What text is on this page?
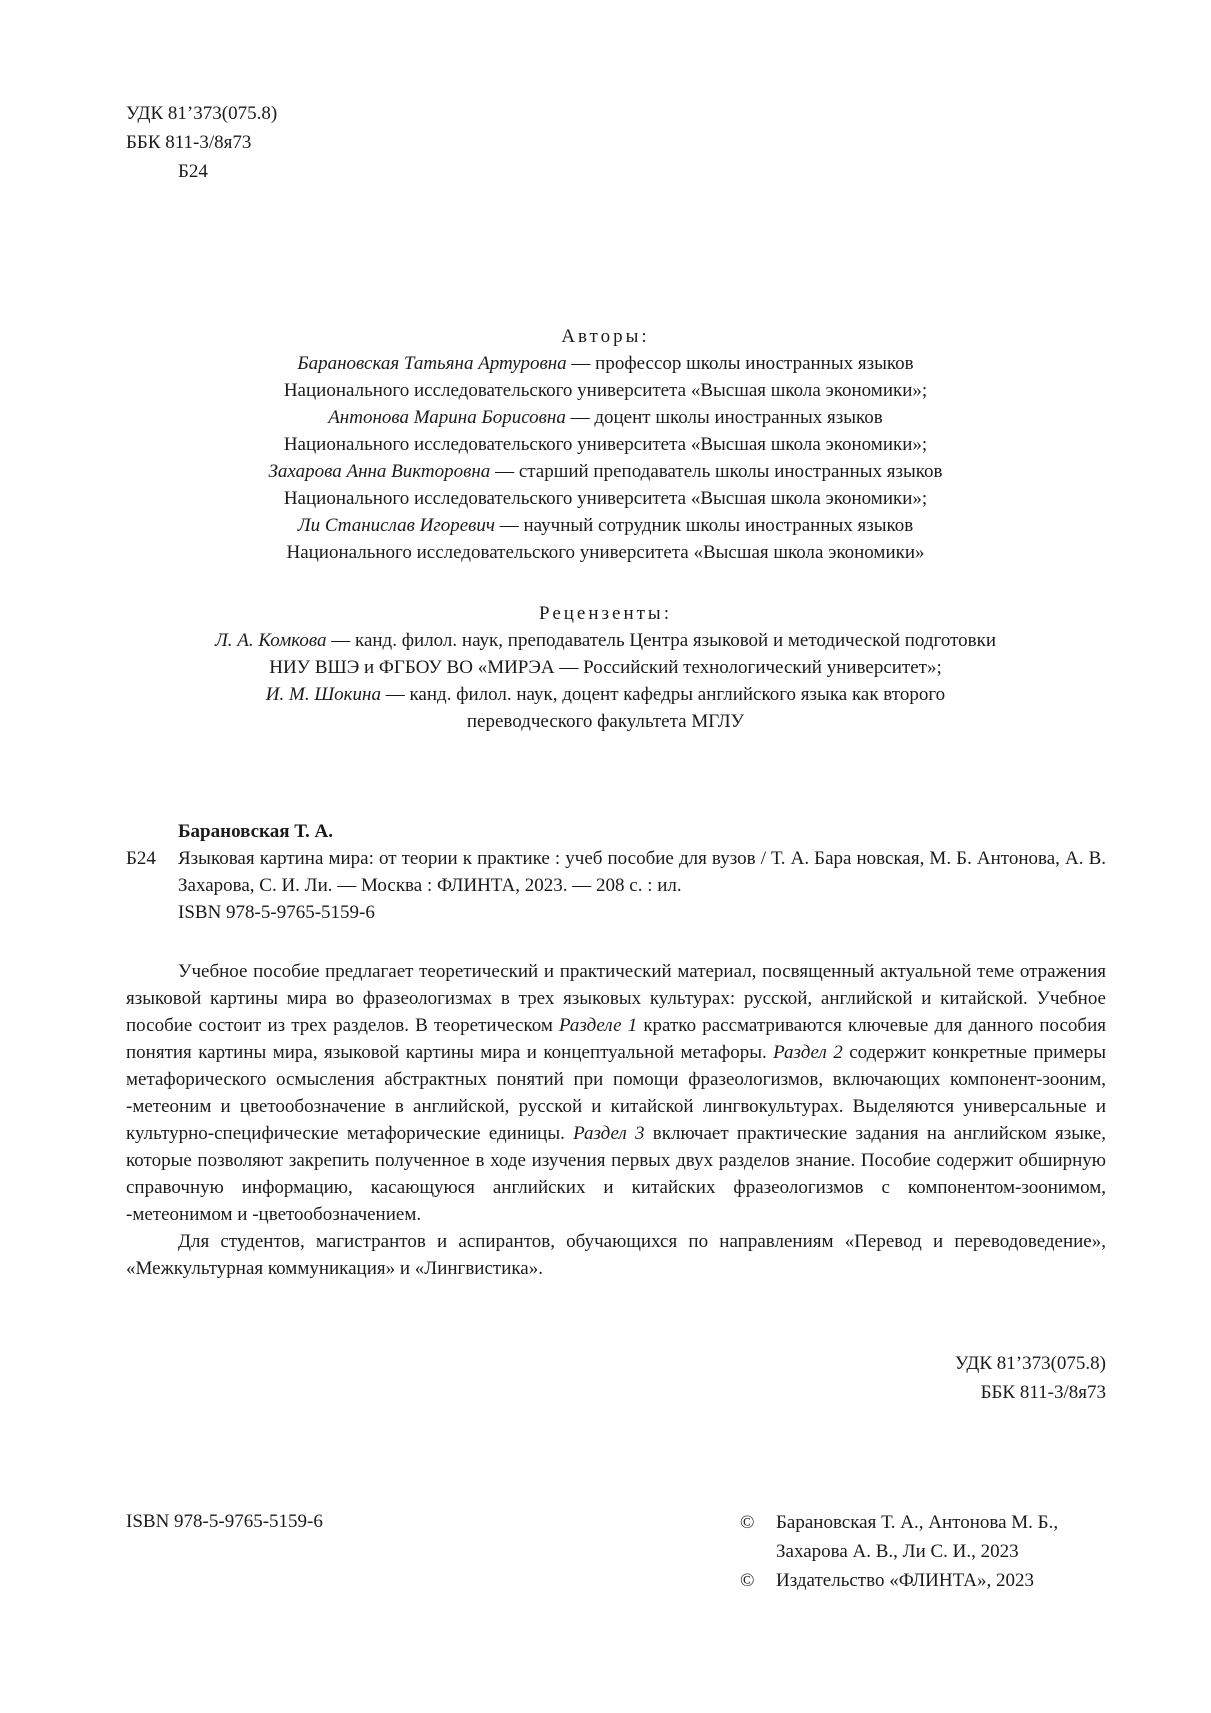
УДК 81’373(075.8)
ББК 811-3/8я73
Б24
Авторы:
Барановская Татьяна Артуровна — профессор школы иностранных языков
Национального исследовательского университета «Высшая школа экономики»;
Антонова Марина Борисовна — доцент школы иностранных языков
Национального исследовательского университета «Высшая школа экономики»;
Захарова Анна Викторовна — старший преподаватель школы иностранных языков
Национального исследовательского университета «Высшая школа экономики»;
Ли Станислав Игоревич — научный сотрудник школы иностранных языков
Национального исследовательского университета «Высшая школа экономики»
Рецензенты:
Л. А. Комкова — канд. филол. наук, преподаватель Центра языковой и методической подготовки
НИУ ВШЭ и ФГБОУ ВО «МИРЭА — Российский технологический университет»;
И. М. Шокина — канд. филол. наук, доцент кафедры английского языка как второго
переводческого факультета МГЛУ
Барановская Т. А.
Б24	Языковая картина мира: от теории к практике : учеб пособие для вузов / Т. А. Бара новская, М. Б. Антонова, А. В. Захарова, С. И. Ли. — Москва : ФЛИНТА, 2023. — 208 с. : ил.
ISBN 978-5-9765-5159-6

Учебное пособие предлагает теоретический и практический материал, посвященный актуальной теме отражения языковой картины мира во фразеологизмах в трех языковых культурах: русской, английской и китайской. Учебное пособие состоит из трех разделов. В теоретическом Разделе 1 кратко рассматриваются ключевые для данного пособия понятия картины мира, языковой картины мира и концептуальной метафоры. Раздел 2 содержит конкретные примеры метафорического осмысления абстрактных понятий при помощи фразеологизмов, включающих компонент-зооним, -метеоним и цветообозначение в английской, русской и китайской лингвокультурах. Выделяются универсальные и культурно-специфические метафорические единицы. Раздел 3 включает практические задания на английском языке, которые позволяют закрепить полученное в ходе изучения первых двух разделов знание. Пособие содержит обширную справочную информацию, касающуюся английских и китайских фразеологизмов с компонентом-зоонимом, -метеонимом и -цветообозначением.

Для студентов, магистрантов и аспирантов, обучающихся по направлениям «Перевод и переводоведение», «Межкультурная коммуникация» и «Лингвистика».

УДК 81’373(075.8)
ББК 811-3/8я73
ISBN 978-5-9765-5159-6	©	Барановская Т. А., Антонова М. Б.,
Захарова А. В., Ли С. И., 2023
©	Издательство «ФЛИНТА», 2023
